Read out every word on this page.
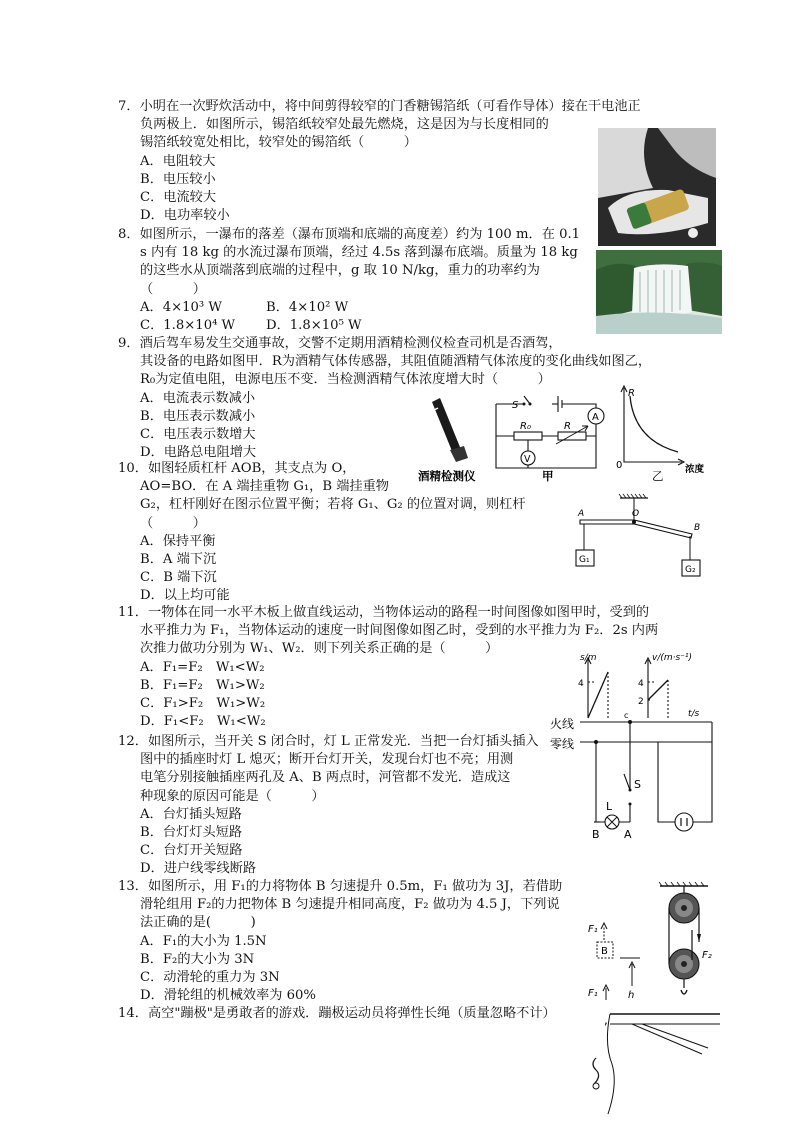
7．小明在一次野炊活动中，将中间剪得较窄的门香糖锡箔纸（可看作导体）接在干电池正
负两极上．如图所示，锡箔纸较窄处最先燃烧，这是因为与长度相同的
锡箔纸较宽处相比，较窄处的锡箔纸（　　　）
A．电阻较大
B．电压较小
C．电流较大
D．电功率较小
8．如图所示，一瀑布的落差（瀑布顶端和底端的高度差）约为 100 m．在 0.1
s 内有 18 kg 的水流过瀑布顶端，经过 4.5s 落到瀑布底端。质量为 18 kg
的这些水从顶端落到底端的过程中，g 取 10 N/kg，重力的功率约为
（　　　）
A．4×10³ W	B．4×10² W
C．1.8×10⁴ W D．1.8×10⁵ W
9．酒后驾车易发生交通事故，交警不定期用酒精检测仪检查司机是否酒驾，
其设备的电路如图甲．R为酒精气体传感器，其阻值随酒精气体浓度的变化曲线如图乙，
R₀为定值电阻，电源电压不变．当检测酒精气体浓度增大时（　　　）
A．电流表示数减小
B．电压表示数减小
C．电压表示数增大
D．电路总电阻增大
酒精检测仪
S
A
R₀	R
V
甲
R
0	浓度
乙
10．如图轻质杠杆 AOB，其支点为 O，
AO=BO．在 A 端挂重物 G₁，B 端挂重物
G₂，杠杆刚好在图示位置平衡；若将 G₁、G₂ 的位置对调，则杠杆
（　　　）
A．保持平衡
B．A 端下沉
C．B 端下沉
D．以上均可能
A	O
B
G₁
G₂
11．一物体在同一水平木板上做直线运动，当物体运动的路程一时间图像如图甲时，受到的
水平推力为 F₁，当物体运动的速度一时间图像如图乙时，受到的水平推力为 F₂．2s 内两
次推力做功分别为 W₁、W₂．则下列关系正确的是（　　　）
A．F₁=F₂　W₁<W₂
B．F₁=F₂　W₁>W₂
C．F₁>F₂　W₁>W₂
D．F₁<F₂　W₁<W₂
s/m
4
v/(m·s⁻¹)
4
2
t/s
火线
零线
c
S
L
B A
12．如图所示，当开关 S 闭合时，灯 L 正常发光．当把一台灯插头插入
图中的插座时灯 L 熄灭；断开台灯开关，发现台灯也不亮；用测
电笔分别接触插座两孔及 A、B 两点时，河管都不发光．造成这
种现象的原因可能是（　　　）
A．台灯插头短路
B．台灯灯头短路
C．台灯开关短路
D．进户线零线断路
13．如图所示，用 F₁的力将物体 B 匀速提升 0.5m，F₁ 做功为 3J，若借助
滑轮组用 F₂的力把物体 B 匀速提升相同高度，F₂ 做功为 4.5 J，下列说
法正确的是(　　　)
A．F₁的大小为 1.5N
B．F₂的大小为 3N
C．动滑轮的重力为 3N
D．滑轮组的机械效率为 60%
F₂
F₁
B
h
F₁
14．高空"蹦极"是勇敢者的游戏．蹦极运动员将弹性长绳（质量忽略不计）	,
